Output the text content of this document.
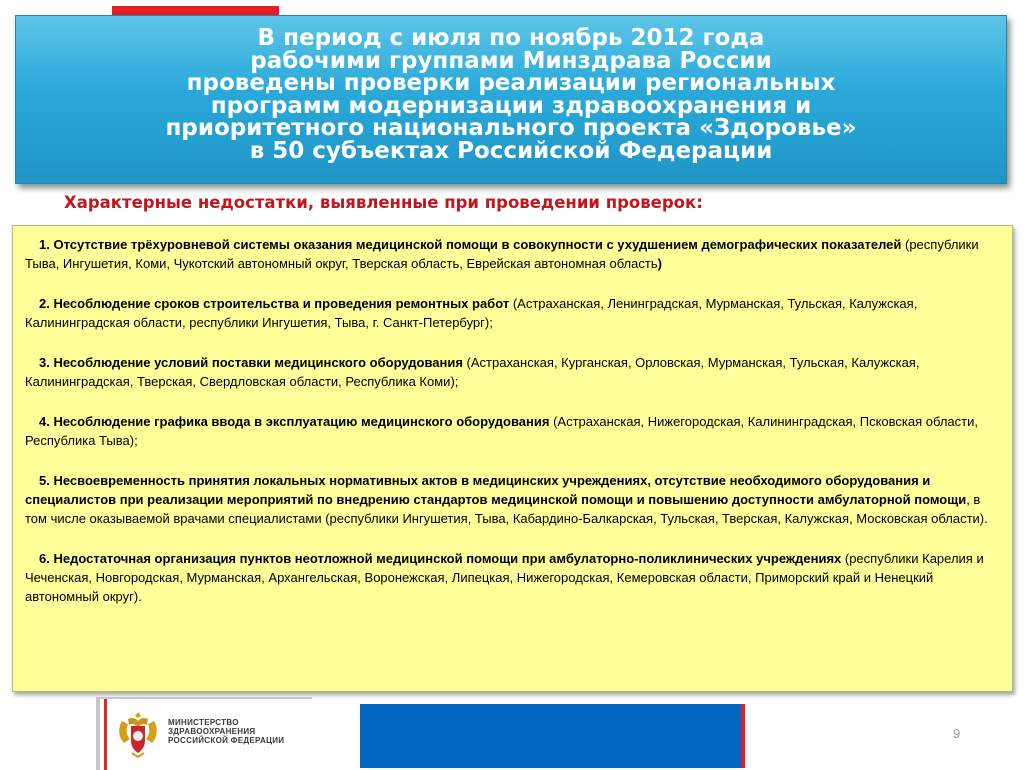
В период с июля по ноябрь 2012 года
рабочими группами Минздрава России
проведены проверки реализации региональных
программ модернизации здравоохранения и
приоритетного национального проекта «Здоровье»
в 50 субъектах Российской Федерации
Характерные недостатки, выявленные при проведении проверок:

1. Отсутствие трёхуровневой системы оказания медицинской помощи в совокупности с ухудшением демографических показателей (республики Тыва, Ингушетия, Коми, Чукотский автономный округ, Тверская область, Еврейская автономная область)

2. Несоблюдение сроков строительства и проведения ремонтных работ (Астраханская, Ленинградская, Мурманская, Тульская, Калужская, Калининградская области, республики Ингушетия, Тыва, г. Санкт-Петербург);

3. Несоблюдение условий поставки медицинского оборудования (Астраханская, Курганская, Орловская, Мурманская, Тульская, Калужская, Калининградская, Тверская, Свердловская области, Республика Коми);

4. Несоблюдение графика ввода в эксплуатацию медицинского оборудования (Астраханская, Нижегородская, Калининградская, Псковская области, Республика Тыва);

5. Несвоевременность принятия локальных нормативных актов в медицинских учреждениях, отсутствие необходимого оборудования и специалистов при реализации мероприятий по внедрению стандартов медицинской помощи и повышению доступности амбулаторной помощи, в том числе оказываемой врачами специалистами (республики Ингушетия, Тыва, Кабардино-Балкарская, Тульская, Тверская, Калужская, Московская области).

6. Недостаточная организация пунктов неотложной медицинской помощи при амбулаторно-поликлинических учреждениях (республики Карелия и Чеченская, Новгородская, Мурманская, Архангельская, Воронежская, Липецкая, Нижегородская, Кемеровская области, Приморский край и Ненецкий автономный округ).

МИНИСТЕРСТВО
ЗДРАВООХРАНЕНИЯ
РОССИЙСКОЙ ФЕДЕРАЦИИ	9
